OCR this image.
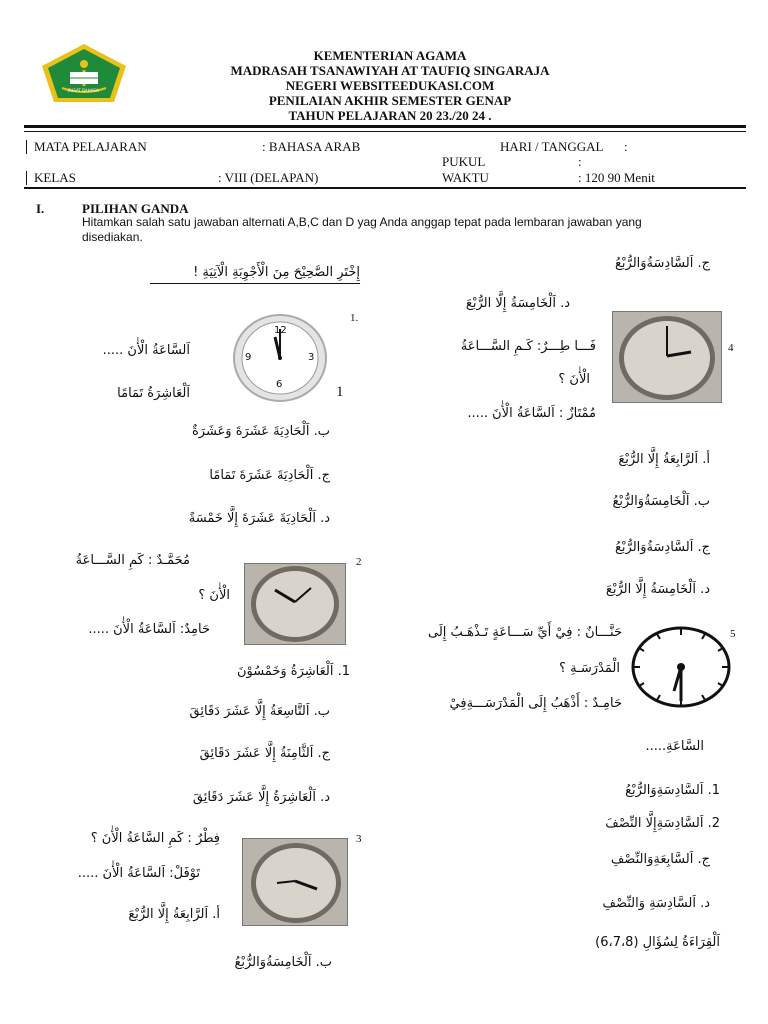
PUSAT BAHASA
KEMENTERIAN AGAMA
MADRASAH TSANAWIYAH AT TAUFIQ SINGARAJA
NEGERI WEBSITEEDUKASI.COM
PENILAIAN AKHIR SEMESTER GENAP
TAHUN PELAJARAN 20 23./20 24 .
MATA PELAJARAN	: BAHASA ARAB	HARI / TANGGAL :
PUKUL	:
KELAS	: VIII (DELAPAN)	WAKTU	: 120 90 Menit
I.	PILIHAN GANDA
Hitamkan salah satu jawaban alternati A,B,C dan D yag Anda anggap tepat pada lembaran jawaban yang
disediakan.
إِخْتَرِ الصَّحِيْحَ مِنَ الْأَجْوِبَةِ الْآتِيَةِ !
1.
12
3
6
9
اَلسَّاعَةُ الْأٰنَ .....
اَلْعَاشِرَةُ تَمَامًا	1
ب. اَلْحَادِيَةَ عَشَرَةَ وَعَشَرَةٌ
ج. اَلْحَادِيَةَ عَشَرَةَ تَمَامًا
د. اَلْحَادِيَةَ عَشَرَةَ إِلَّا خَمْسَةً
2
مُحَمَّـدٌ : كَمِ السَّـــاعَةُ
الْأٰنَ ؟
حَامِدٌ: اَلسَّاعَةُ الْأٰنَ .....
1. اَلْعَاشِرَةُ وَخَمْسُوْنَ
ب. اَلتَّاسِعَةُ إِلَّا عَشَرَ دَقَائِقَ
ج. اَلثَّامِنَةُ إِلَّا عَشَرَ دَقَائِقَ
د. اَلْعَاشِرَةُ إِلَّا عَشَرَ دَقَائِقَ
3
فِطْرٌ : كَمِ السَّاعَةُ الْأٰنَ ؟
تَوْفَلْ: اَلسَّاعَةُ الْأٰنَ .....
أ. اَلرَّابِعَةُ إِلَّا الرُّبْعَ
ب. اَلْخَامِسَةُوَالرُّبْعُ
ج. اَلسَّادِسَةُوَالرُّبْعُ
د. اَلْخَامِسَةُ إِلَّا الرُّبْعَ
4
فَـــا طِـــرٌ: كَـمِ السَّـــاعَةُ
الْأٰنَ ؟
مُمْتَازٌ : اَلسَّاعَةُ الْأٰنَ .....
أ. اَلرَّابِعَةُ إِلَّا الرُّبْعَ
ب. اَلْخَامِسَةُوَالرُّبْعُ
ج. اَلسَّادِسَةُوَالرُّبْعُ
د. اَلْخَامِسَةُ إِلَّا الرُّبْعَ
5
حَنَّـــانٌ : فِيْ أَيِّ سَـــاعَةٍ تَـذْهَـبُ إِلَى
الْمَدْرَسَـةِ ؟
حَامِـدٌ : أَذْهَبُ إِلَى الْمَدْرَسَـــةِفِيْ
السَّاعَةِ.....
1. اَلسَّادِسَةِوَالرُّبْعُ
2. اَلسَّادِسَةِإِلَّا النِّصْفَ
ج. اَلسَّابِعَةِوَالنِّصْفِ
د. اَلسَّادِسَةِ وَالنِّصْفِ
اَلْقِرَاءَةُ لِسُؤَالِ (6،7،8)
